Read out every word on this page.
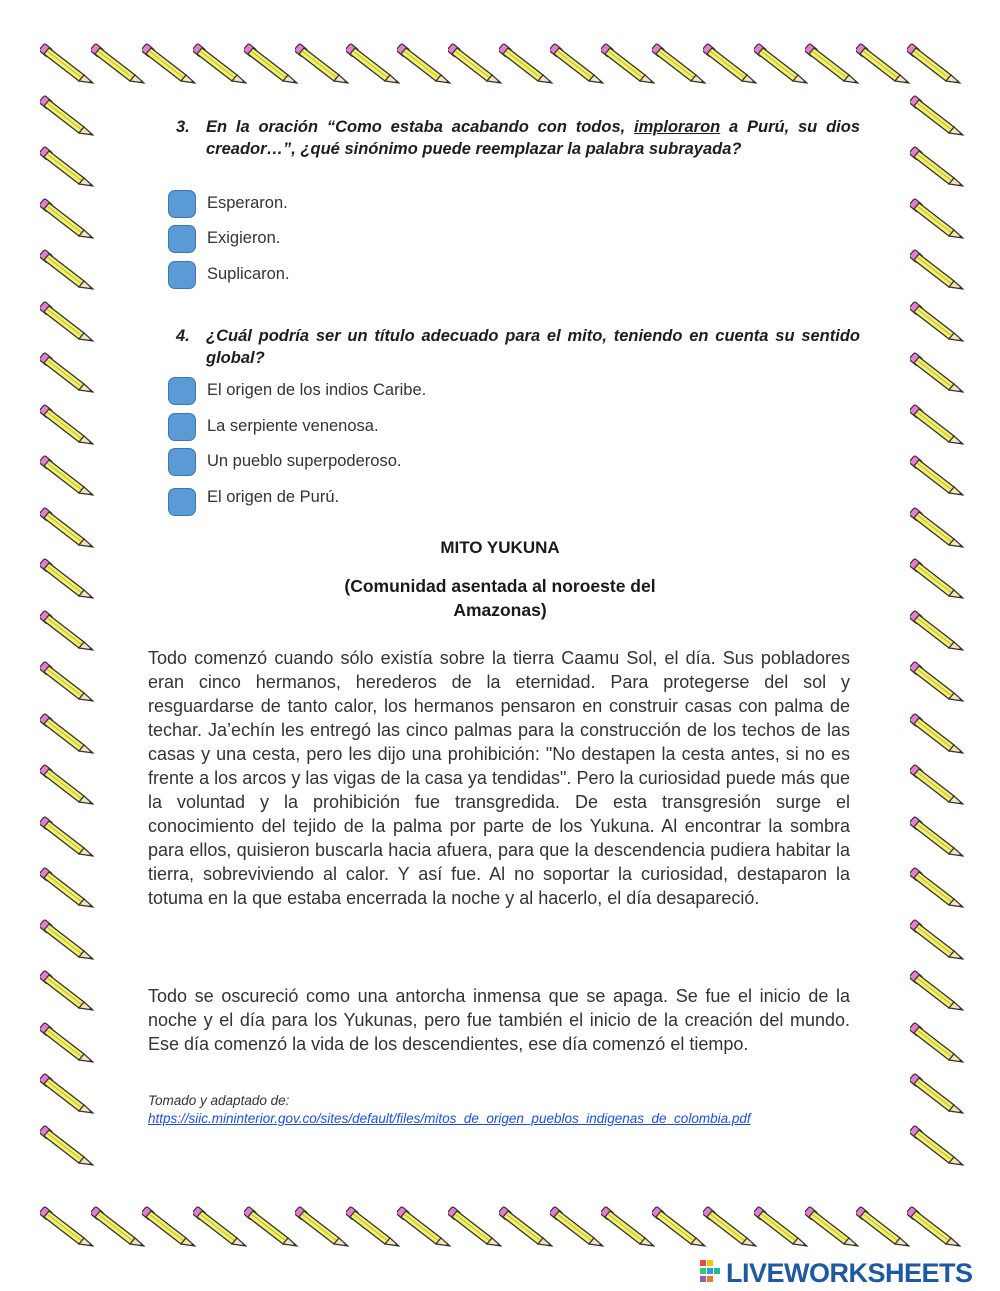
3. En la oración “Como estaba acabando con todos, imploraron a Purú, su dios creador…”, ¿qué sinónimo puede reemplazar la palabra subrayada?
Esperaron.
Exigieron.
Suplicaron.
4. ¿Cuál podría ser un título adecuado para el mito, teniendo en cuenta su sentido global?
El origen de los indios Caribe.
La serpiente venenosa.
Un pueblo superpoderoso.
El origen de Purú.
MITO YUKUNA
(Comunidad asentada al noroeste del Amazonas)
Todo comenzó cuando sólo existía sobre la tierra Caamu Sol, el día. Sus pobladores eran cinco hermanos, herederos de la eternidad. Para protegerse del sol y resguardarse de tanto calor, los hermanos pensaron en construir casas con palma de techar. Ja’echín les entregó las cinco palmas para la construcción de los techos de las casas y una cesta, pero les dijo una prohibición: "No destapen la cesta antes, si no es frente a los arcos y las vigas de la casa ya tendidas". Pero la curiosidad puede más que la voluntad y la prohibición fue transgredida. De esta transgresión surge el conocimiento del tejido de la palma por parte de los Yukuna. Al encontrar la sombra para ellos, quisieron buscarla hacia afuera, para que la descendencia pudiera habitar la tierra, sobreviviendo al calor. Y así fue. Al no soportar la curiosidad, destaparon la totuma en la que estaba encerrada la noche y al hacerlo, el día desapareció.
Todo se oscureció como una antorcha inmensa que se apaga. Se fue el inicio de la noche y el día para los Yukunas, pero fue también el inicio de la creación del mundo. Ese día comenzó la vida de los descendientes, ese día comenzó el tiempo.
Tomado y adaptado de:
https://siic.mininterior.gov.co/sites/default/files/mitos_de_origen_pueblos_indigenas_de_colombia.pdf
LIVEWORKSHEETS
